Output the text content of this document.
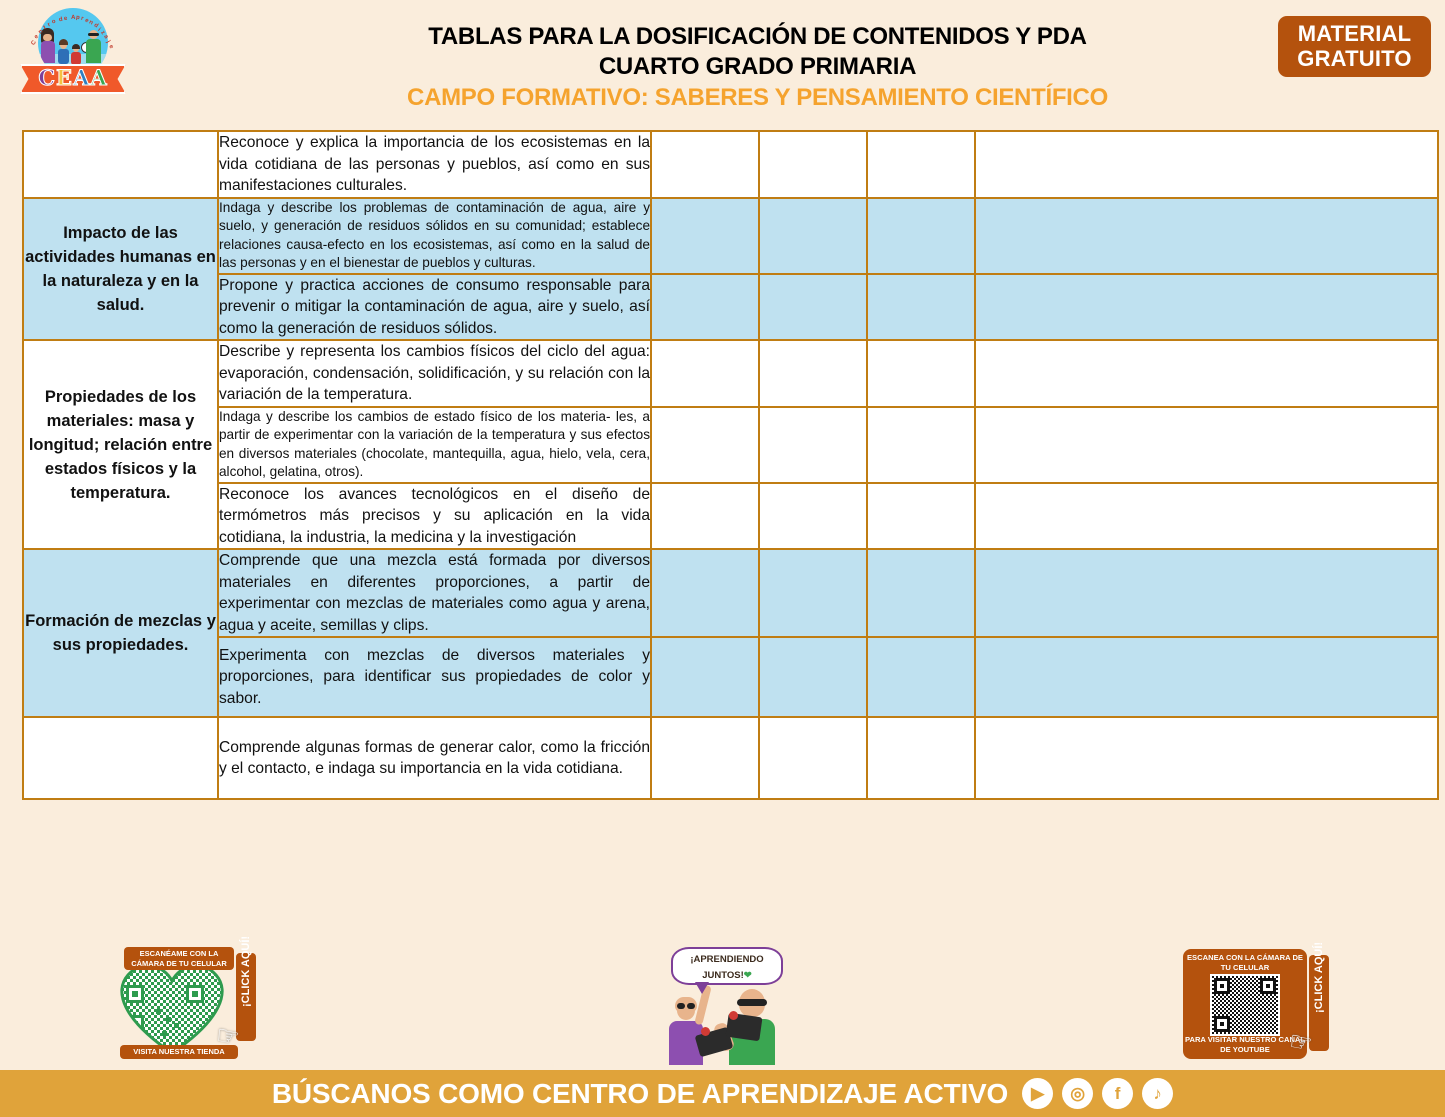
C
e
n
t r o d e A p r e
n
d
i
z
a
j
e
CEAA
TABLAS PARA LA DOSIFICACIÓN DE CONTENIDOS Y PDA
CUARTO GRADO PRIMARIA
CAMPO FORMATIVO: SABERES Y PENSAMIENTO CIENTÍFICO
MATERIAL
GRATUITO
	Reconoce y explica la importancia de los ecosistemas en la vida cotidiana de las personas y pueblos, así como en sus manifestaciones culturales.				
Impacto de las actividades humanas en la naturaleza y en la salud.	Indaga y describe los problemas de contaminación de agua, aire y suelo, y generación de residuos sólidos en su comunidad; establece relaciones causa-efecto en los ecosistemas, así como en la salud de las personas y en el bienestar de pueblos y culturas.				
	Propone y practica acciones de consumo responsable para prevenir o mitigar la contaminación de agua, aire y suelo, así como la generación de residuos sólidos.				
Propiedades de los materiales: masa y longitud; relación entre estados físicos y la temperatura.	Describe y representa los cambios físicos del ciclo del agua: evaporación, condensación, solidificación, y su relación con la variación de la temperatura.				
	Indaga y describe los cambios de estado físico de los materia- les, a partir de experimentar con la variación de la temperatura y sus efectos en diversos materiales (chocolate, mantequilla, agua, hielo, vela, cera, alcohol, gelatina, otros).				
	Reconoce los avances tecnológicos en el diseño de termómetros más precisos y su aplicación en la vida cotidiana, la industria, la medicina y la investigación				
Formación de mezclas y sus propiedades.	Comprende que una mezcla está formada por diversos materiales en diferentes proporciones, a partir de experimentar con mezclas de materiales como agua y arena, agua y aceite, semillas y clips.				
	Experimenta con mezclas de diversos materiales y proporciones, para identificar sus propiedades de color y sabor.				
	Comprende algunas formas de generar calor, como la fricción y el contacto, e indaga su importancia en la vida cotidiana.				
ESCANÉAME CON LA CÁMARA DE TU CELULAR
VISITA NUESTRA TIENDA
¡CLICK AQUÍ!
☞
¡APRENDIENDO
JUNTOS!❤
ESCANEA CON LA CÁMARA DE TU CELULAR
PARA VISITAR NUESTRO CANAL DE YOUTUBE
¡CLICK AQUÍ!
☞
BÚSCANOS COMO CENTRO DE APRENDIZAJE ACTIVO	▶	◎	f	♪
